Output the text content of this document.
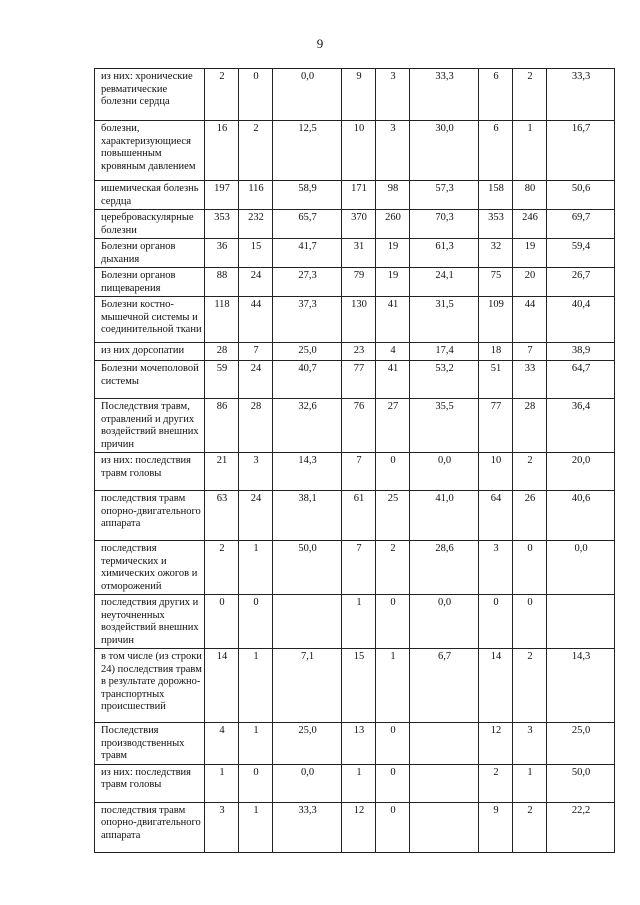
9
из них: хронические ревматические болезни сердца	2	0	0,0	9	3	33,3	6	2	33,3
болезни, характеризующиеся повышенным кровяным давлением	16	2	12,5	10	3	30,0	6	1	16,7
ишемическая болезнь сердца	197	116	58,9	171	98	57,3	158	80	50,6
цереброваскулярные болезни	353	232	65,7	370	260	70,3	353	246	69,7
Болезни органов дыхания	36	15	41,7	31	19	61,3	32	19	59,4
Болезни органов пищеварения	88	24	27,3	79	19	24,1	75	20	26,7
Болезни костно-мышечной системы и соединительной ткани	118	44	37,3	130	41	31,5	109	44	40,4
из них дорсопатии	28	7	25,0	23	4	17,4	18	7	38,9
Болезни мочеполовой системы	59	24	40,7	77	41	53,2	51	33	64,7
Последствия травм, отравлений и других воздействий внешних причин	86	28	32,6	76	27	35,5	77	28	36,4
из них: последствия травм головы	21	3	14,3	7	0	0,0	10	2	20,0
последствия травм опорно-двигательного аппарата	63	24	38,1	61	25	41,0	64	26	40,6
последствия термических и химических ожогов и отморожений	2	1	50,0	7	2	28,6	3	0	0,0
последствия других и неуточненных воздействий внешних причин	0	0		1	0	0,0	0	0	
в том числе (из строки 24) последствия травм в результате дорожно-транспортных происшествий	14	1	7,1	15	1	6,7	14	2	14,3
Последствия производственных травм	4	1	25,0	13	0		12	3	25,0
из них: последствия травм головы	1	0	0,0	1	0		2	1	50,0
последствия травм опорно-двигательного аппарата	3	1	33,3	12	0		9	2	22,2
